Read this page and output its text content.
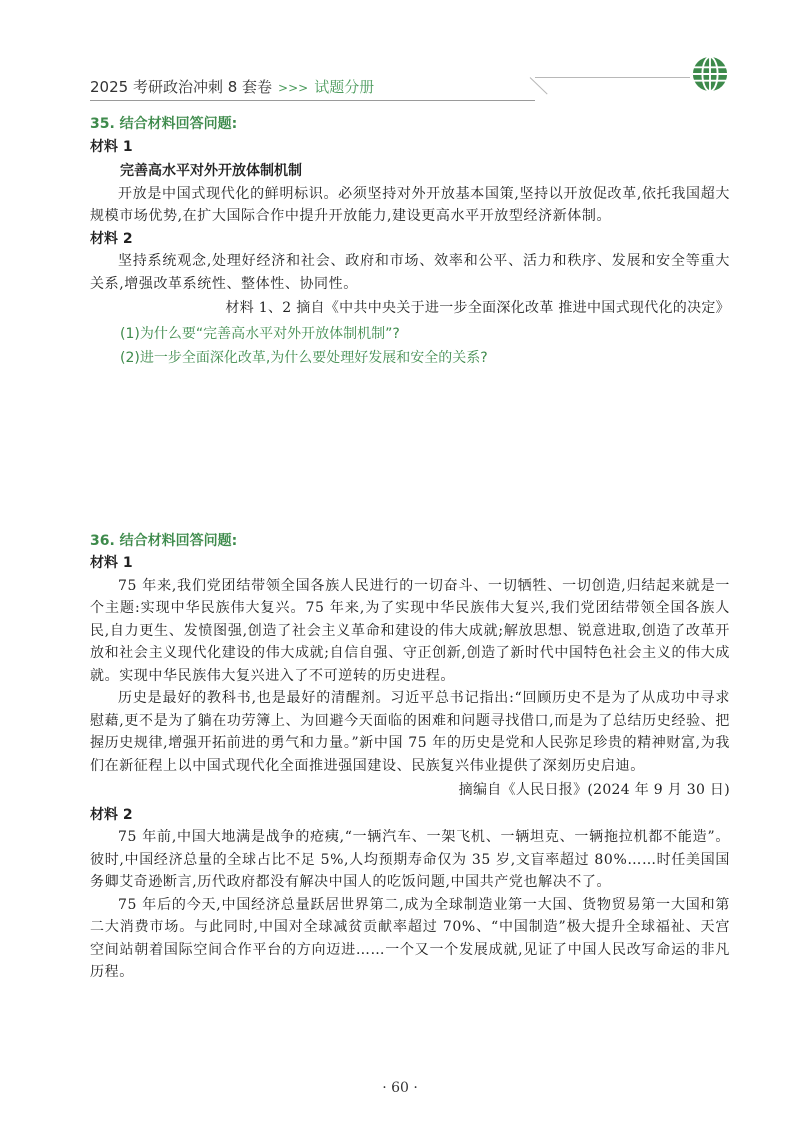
2025 考研政治冲刺 8 套卷 >>> 试题分册
35. 结合材料回答问题:
材料 1
完善高水平对外开放体制机制

开放是中国式现代化的鲜明标识。必须坚持对外开放基本国策,坚持以开放促改革,依托我国超大规模市场优势,在扩大国际合作中提升开放能力,建设更高水平开放型经济新体制。

材料 2

坚持系统观念,处理好经济和社会、政府和市场、效率和公平、活力和秩序、发展和安全等重大关系,增强改革系统性、整体性、协同性。

材料 1、2 摘自《中共中央关于进一步全面深化改革 推进中国式现代化的决定》
(1)为什么要“完善高水平对外开放体制机制”?
(2)进一步全面深化改革,为什么要处理好发展和安全的关系?
36. 结合材料回答问题:
材料 1

75 年来,我们党团结带领全国各族人民进行的一切奋斗、一切牺牲、一切创造,归结起来就是一个主题:实现中华民族伟大复兴。75 年来,为了实现中华民族伟大复兴,我们党团结带领全国各族人民,自力更生、发愤图强,创造了社会主义革命和建设的伟大成就;解放思想、锐意进取,创造了改革开放和社会主义现代化建设的伟大成就;自信自强、守正创新,创造了新时代中国特色社会主义的伟大成就。实现中华民族伟大复兴进入了不可逆转的历史进程。

历史是最好的教科书,也是最好的清醒剂。习近平总书记指出:“回顾历史不是为了从成功中寻求慰藉,更不是为了躺在功劳簿上、为回避今天面临的困难和问题寻找借口,而是为了总结历史经验、把握历史规律,增强开拓前进的勇气和力量。”新中国 75 年的历史是党和人民弥足珍贵的精神财富,为我们在新征程上以中国式现代化全面推进强国建设、民族复兴伟业提供了深刻历史启迪。

摘编自《人民日报》(2024 年 9 月 30 日)
材料 2

75 年前,中国大地满是战争的疮痍,“一辆汽车、一架飞机、一辆坦克、一辆拖拉机都不能造”。彼时,中国经济总量的全球占比不足 5%,人均预期寿命仅为 35 岁,文盲率超过 80%……时任美国国务卿艾奇逊断言,历代政府都没有解决中国人的吃饭问题,中国共产党也解决不了。

75 年后的今天,中国经济总量跃居世界第二,成为全球制造业第一大国、货物贸易第一大国和第二大消费市场。与此同时,中国对全球减贫贡献率超过 70%、“中国制造”极大提升全球福祉、天宫空间站朝着国际空间合作平台的方向迈进……一个又一个发展成就,见证了中国人民改写命运的非凡历程。

· 60 ·
